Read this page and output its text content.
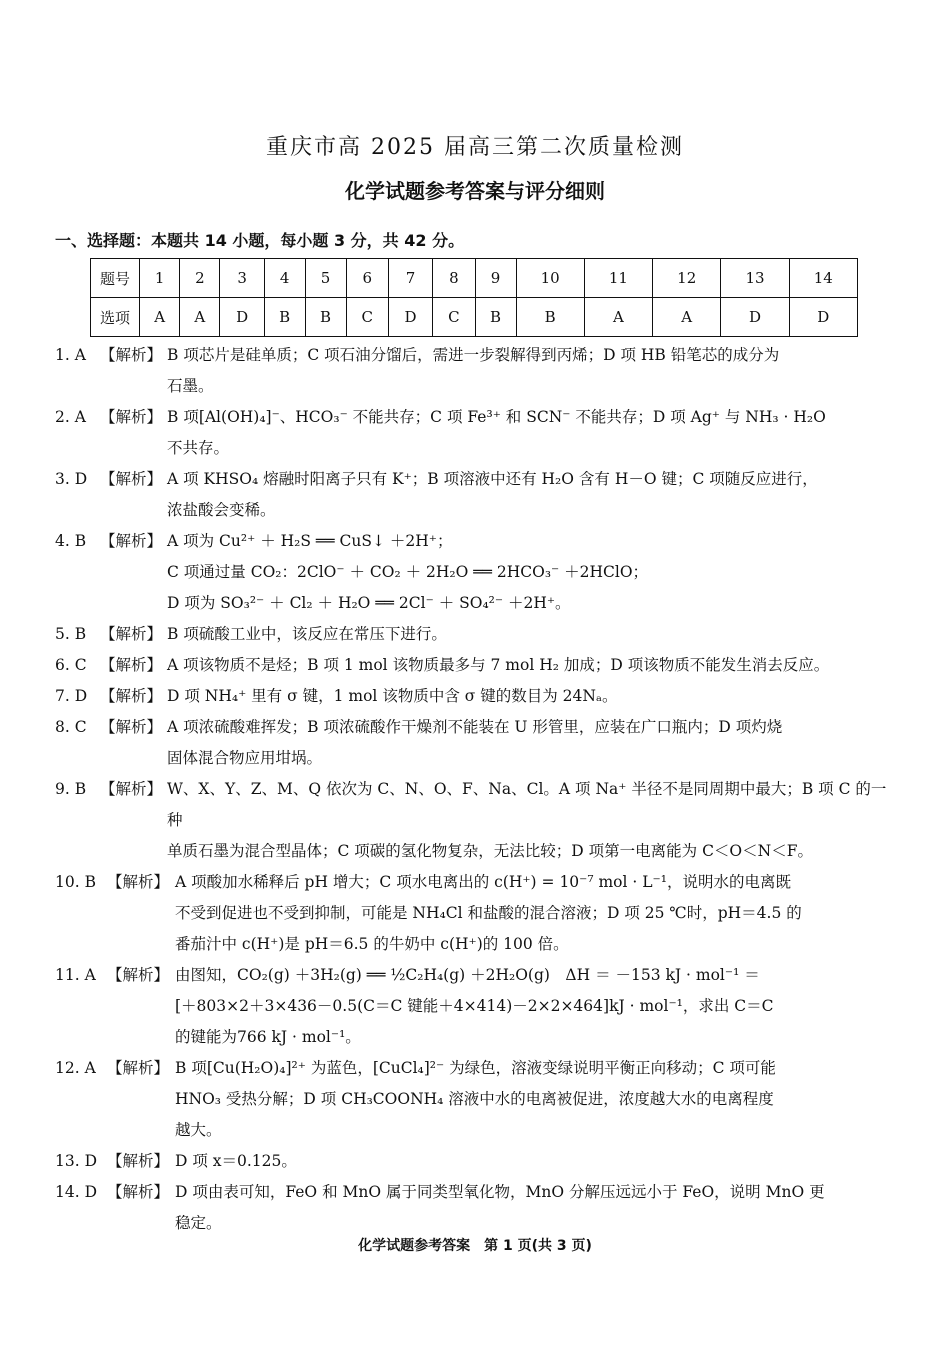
重庆市高 2025 届高三第二次质量检测
化学试题参考答案与评分细则
一、选择题：本题共 14 小题，每小题 3 分，共 42 分。
题号	1	2	3	4	5	6	7	8	9	10	11	12	13	14
选项	A	A	D	B	B	C	D	C	B	B	A	A	D	D
1. A 【解析】 B 项芯片是硅单质；C 项石油分馏后，需进一步裂解得到丙烯；D 项 HB 铅笔芯的成分为
石墨。
2. A 【解析】 B 项[Al(OH)₄]⁻、HCO₃⁻ 不能共存；C 项 Fe³⁺ 和 SCN⁻ 不能共存；D 项 Ag⁺ 与 NH₃ · H₂O
不共存。
3. D 【解析】 A 项 KHSO₄ 熔融时阳离子只有 K⁺；B 项溶液中还有 H₂O 含有 H－O 键；C 项随反应进行，
浓盐酸会变稀。
4. B 【解析】 A 项为 Cu²⁺ ＋ H₂S ══ CuS↓ ＋2H⁺；
C 项通过量 CO₂：2ClO⁻ ＋ CO₂ ＋ 2H₂O ══ 2HCO₃⁻ ＋2HClO；
D 项为 SO₃²⁻ ＋ Cl₂ ＋ H₂O ══ 2Cl⁻ ＋ SO₄²⁻ ＋2H⁺。
5. B 【解析】 B 项硫酸工业中，该反应在常压下进行。
6. C 【解析】 A 项该物质不是烃；B 项 1 mol 该物质最多与 7 mol H₂ 加成；D 项该物质不能发生消去反应。
7. D 【解析】 D 项 NH₄⁺ 里有 σ 键，1 mol 该物质中含 σ 键的数目为 24Nₐ。
8. C 【解析】 A 项浓硫酸难挥发；B 项浓硫酸作干燥剂不能装在 U 形管里，应装在广口瓶内；D 项灼烧
固体混合物应用坩埚。
9. B 【解析】 W、X、Y、Z、M、Q 依次为 C、N、O、F、Na、Cl。A 项 Na⁺ 半径不是同周期中最大；B 项 C 的一种
单质石墨为混合型晶体；C 项碳的氢化物复杂，无法比较；D 项第一电离能为 C＜O＜N＜F。
10. B 【解析】 A 项酸加水稀释后 pH 增大；C 项水电离出的 c(H⁺) = 10⁻⁷ mol · L⁻¹，说明水的电离既
不受到促进也不受到抑制，可能是 NH₄Cl 和盐酸的混合溶液；D 项 25 ℃时，pH＝4.5 的
番茄汁中 c(H⁺)是 pH＝6.5 的牛奶中 c(H⁺)的 100 倍。
11. A 【解析】 由图知，CO₂(g) ＋3H₂(g) ══ ½C₂H₄(g) ＋2H₂O(g)　ΔH ＝ －153 kJ · mol⁻¹ ＝
[＋803×2＋3×436－0.5(C＝C 键能＋4×414)－2×2×464]kJ · mol⁻¹，求出 C＝C
的键能为766 kJ · mol⁻¹。
12. A 【解析】 B 项[Cu(H₂O)₄]²⁺ 为蓝色，[CuCl₄]²⁻ 为绿色，溶液变绿说明平衡正向移动；C 项可能
HNO₃ 受热分解；D 项 CH₃COONH₄ 溶液中水的电离被促进，浓度越大水的电离程度
越大。
13. D 【解析】 D 项 x＝0.125。
14. D 【解析】 D 项由表可知，FeO 和 MnO 属于同类型氧化物，MnO 分解压远远小于 FeO，说明 MnO 更
稳定。
化学试题参考答案　第 1 页(共 3 页)
